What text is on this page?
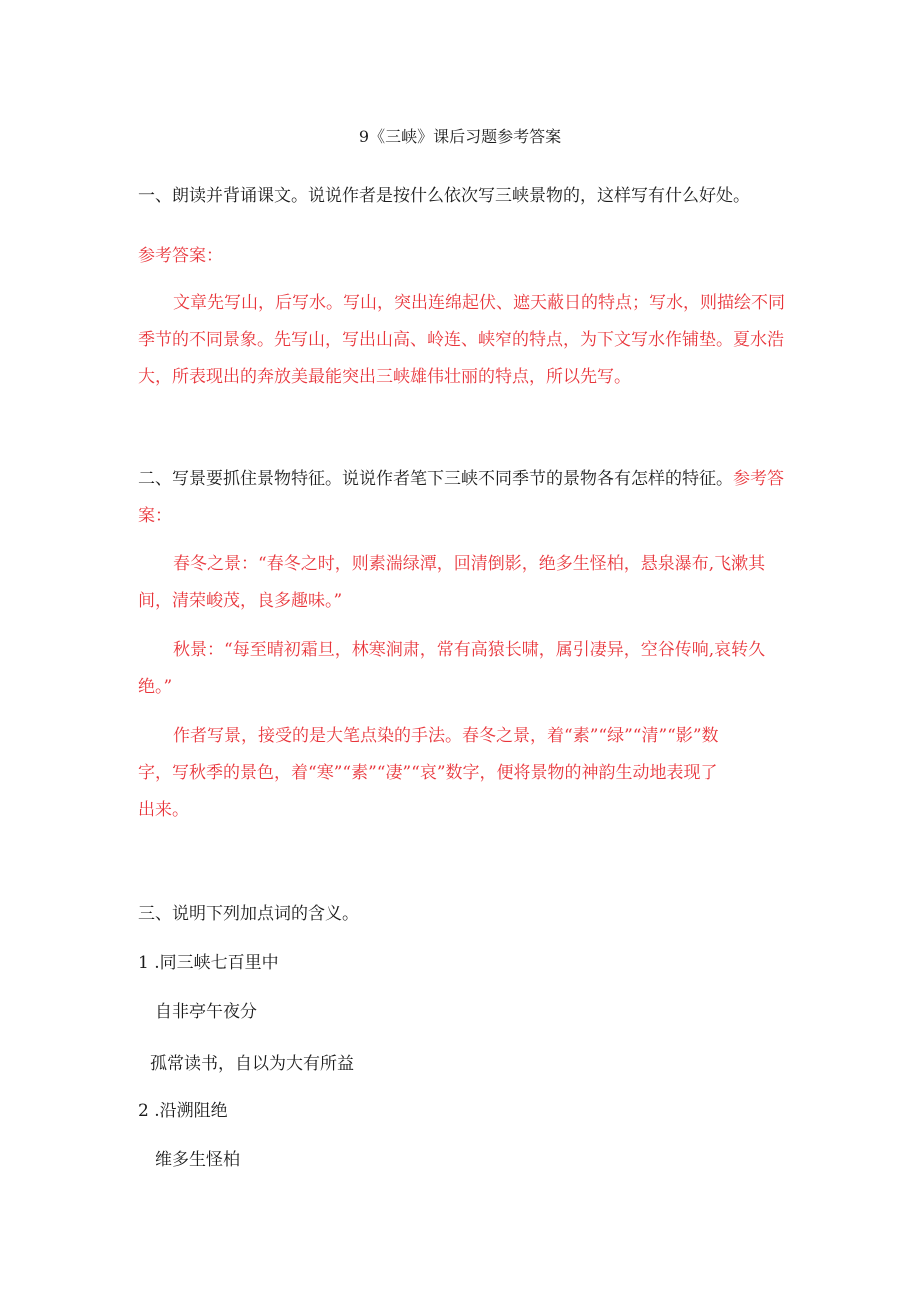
9《三峡》课后习题参考答案
一、朗读并背诵课文。说说作者是按什么依次写三峡景物的，这样写有什么好处。
参考答案：
文章先写山，后写水。写山，突出连绵起伏、遮天蔽日的特点；写水，则描绘不同
季节的不同景象。先写山，写出山高、岭连、峡窄的特点，为下文写水作铺垫。夏水浩
大，所表现出的奔放美最能突出三峡雄伟壮丽的特点，所以先写。
二、写景要抓住景物特征。说说作者笔下三峡不同季节的景物各有怎样的特征。参考答
案：
春冬之景：“春冬之时，则素湍绿潭，回清倒影，绝多生怪柏，悬泉瀑布,飞漱其
间，清荣峻茂，良多趣味。”
秋景：“每至晴初霜旦，林寒涧肃，常有高猿长啸，属引凄异，空谷传响,哀转久
绝。”
作者写景，接受的是大笔点染的手法。春冬之景，着“素”“绿”“清”“影”数
字，写秋季的景色，着“寒”“素”“凄”“哀”数字，便将景物的神韵生动地表现了
出来。
三、说明下列加点词的含义。
1 .同三峡七百里中
自非亭午夜分
孤常读书，自以为大有所益
2 .沿溯阻绝
维多生怪柏
